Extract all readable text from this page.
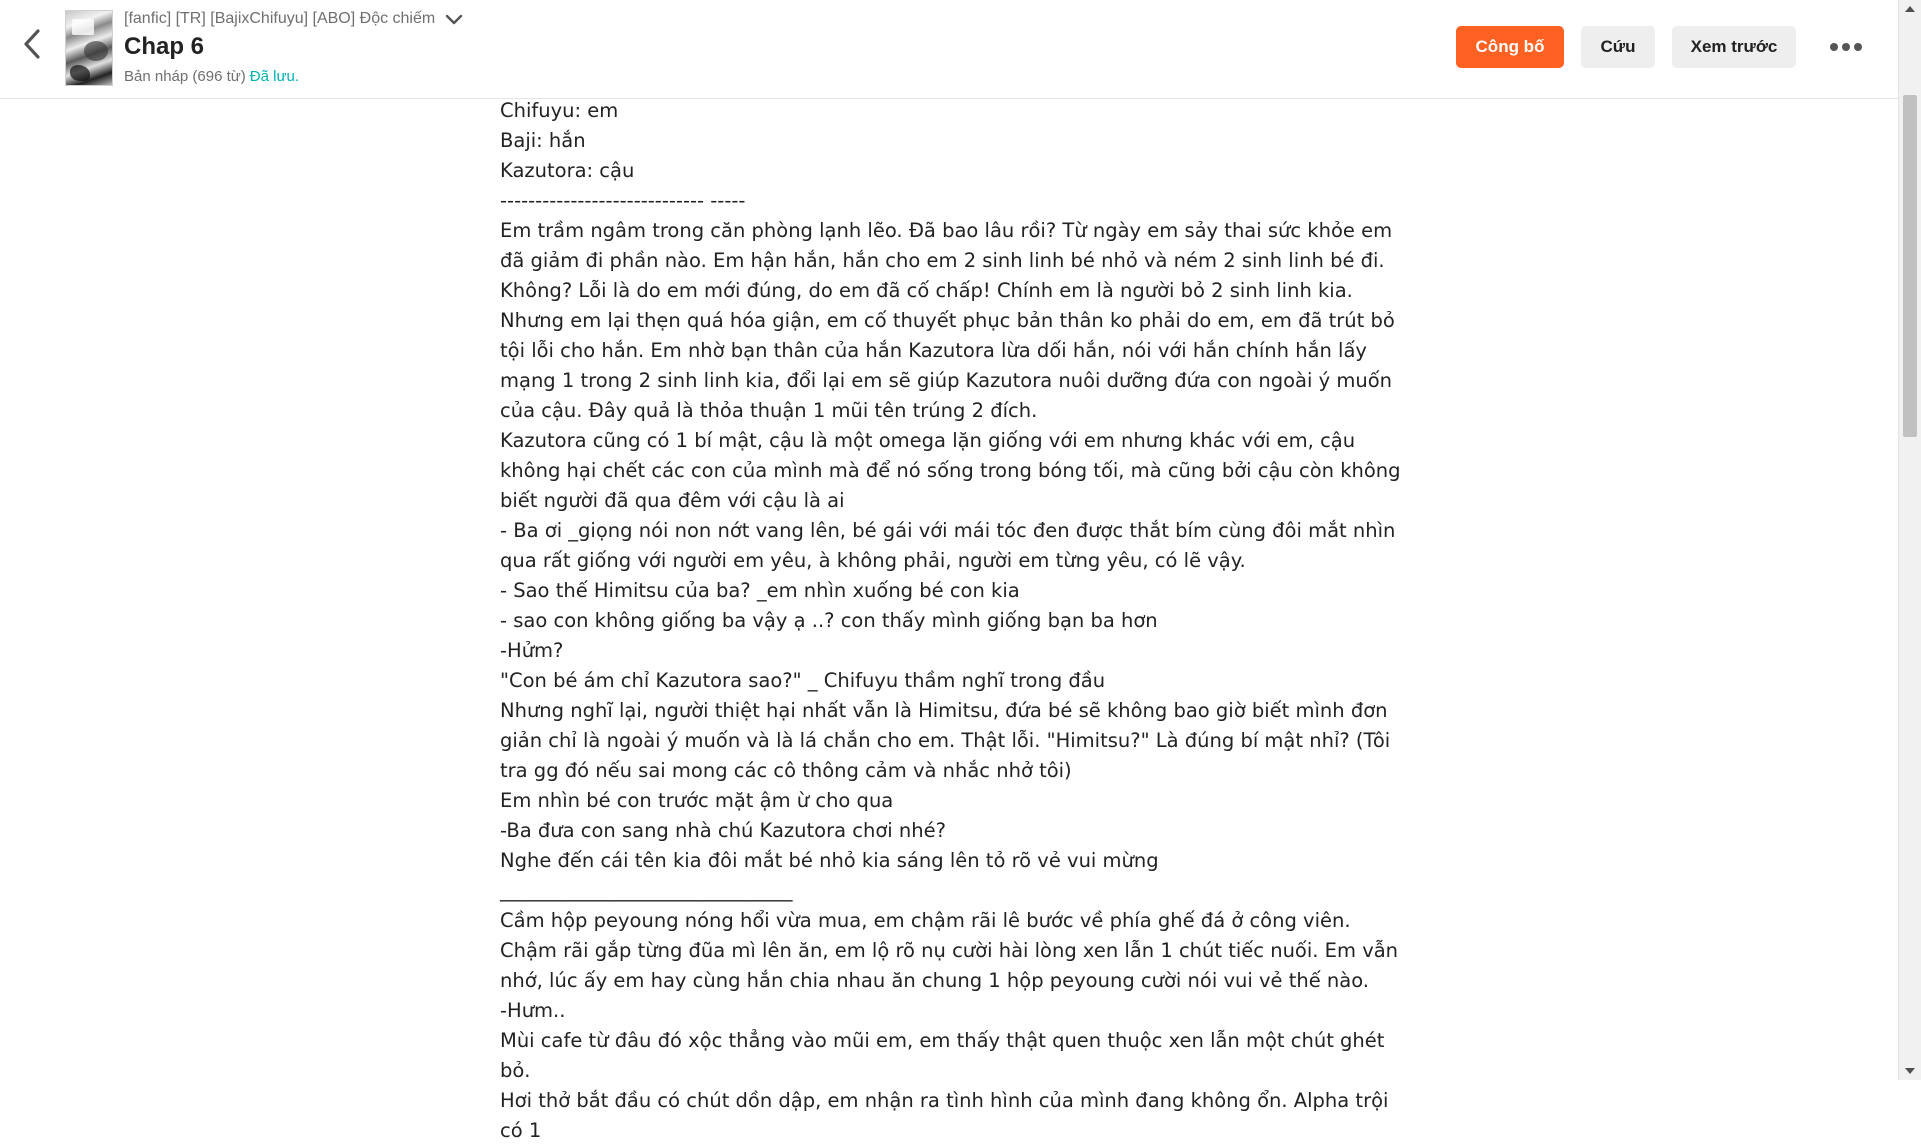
[fanfic] [TR] [BajixChifuyu] [ABO] Độc chiếm
Chap 6
Bản nháp (696 từ) Đã lưu.
Công bố	Cứu	Xem trước

Chifuyu: em

Baji: hắn

Kazutora: cậu

----------------------------- -----

Em trầm ngâm trong căn phòng lạnh lẽo. Đã bao lâu rồi? Từ ngày em sảy thai sức khỏe em đã giảm đi phần nào. Em hận hắn, hắn cho em 2 sinh linh bé nhỏ và ném 2 sinh linh bé đi. Không? Lỗi là do em mới đúng, do em đã cố chấp! Chính em là người bỏ 2 sinh linh kia. Nhưng em lại thẹn quá hóa giận, em cố thuyết phục bản thân ko phải do em, em đã trút bỏ tội lỗi cho hắn. Em nhờ bạn thân của hắn Kazutora lừa dối hắn, nói với hắn chính hắn lấy mạng 1 trong 2 sinh linh kia, đổi lại em sẽ giúp Kazutora nuôi dưỡng đứa con ngoài ý muốn của cậu. Đây quả là thỏa thuận 1 mũi tên trúng 2 đích.

Kazutora cũng có 1 bí mật, cậu là một omega lặn giống với em nhưng khác với em, cậu không hại chết các con của mình mà để nó sống trong bóng tối, mà cũng bởi cậu còn không biết người đã qua đêm với cậu là ai

- Ba ơi _giọng nói non nớt vang lên, bé gái với mái tóc đen được thắt bím cùng đôi mắt nhìn qua rất giống với người em yêu, à không phải, người em từng yêu, có lẽ vậy.

- Sao thế Himitsu của ba? _em nhìn xuống bé con kia

- sao con không giống ba vậy ạ ..? con thấy mình giống bạn ba hơn

-Hửm?

"Con bé ám chỉ Kazutora sao?" _ Chifuyu thầm nghĩ trong đầu

Nhưng nghĩ lại, người thiệt hại nhất vẫn là Himitsu, đứa bé sẽ không bao giờ biết mình đơn giản chỉ là ngoài ý muốn và là lá chắn cho em. Thật lỗi. "Himitsu?" Là đúng bí mật nhỉ? (Tôi tra gg đó nếu sai mong các cô thông cảm và nhắc nhở tôi)

Em nhìn bé con trước mặt ậm ừ cho qua

-Ba đưa con sang nhà chú Kazutora chơi nhé?

Nghe đến cái tên kia đôi mắt bé nhỏ kia sáng lên tỏ rõ vẻ vui mừng

______________________________

Cầm hộp peyoung nóng hổi vừa mua, em chậm rãi lê bước về phía ghế đá ở công viên. Chậm rãi gắp từng đũa mì lên ăn, em lộ rõ nụ cười hài lòng xen lẫn 1 chút tiếc nuối. Em vẫn nhớ, lúc ấy em hay cùng hắn chia nhau ăn chung 1 hộp peyoung cười nói vui vẻ thế nào.

-Hưm..

Mùi cafe từ đâu đó xộc thẳng vào mũi em, em thấy thật quen thuộc xen lẫn một chút ghét bỏ.

Hơi thở bắt đầu có chút dồn dập, em nhận ra tình hình của mình đang không ổn. Alpha trội có 1
